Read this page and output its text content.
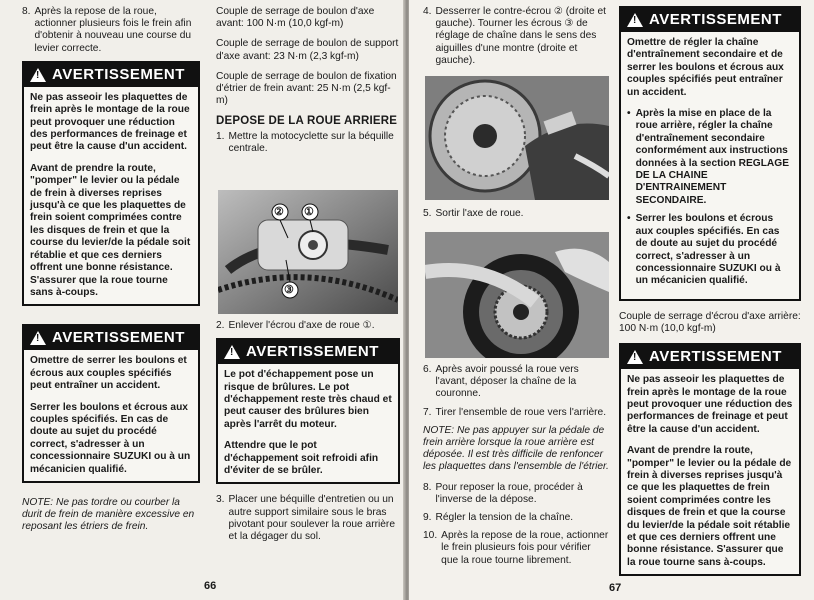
8. Après la repose de la roue, actionner plusieurs fois le frein afin d'obtenir à nouveau une course du levier correcte.
!
AVERTISSEMENT

Ne pas asseoir les plaquettes de frein après le montage de la roue peut provoquer une réduction des performances de freinage et peut être la cause d'un accident.

Avant de prendre la route, "pomper" le levier ou la pédale de frein à diverses reprises jusqu'à ce que les plaquettes de frein soient comprimées contre les disques de frein et que la course du levier/de la pédale soit rétablie et que ces derniers offrent une bonne résistance. S'assurer que la roue tourne sans à-coups.

!
AVERTISSEMENT

Omettre de serrer les boulons et écrous aux couples spécifiés peut entraîner un accident.

Serrer les boulons et écrous aux couples spécifiés. En cas de doute au sujet du procédé correct, s'adresser à un concessionnaire SUZUKI ou à un mécanicien qualifié.

NOTE: Ne pas tordre ou courber la durit de frein de manière excessive en reposant les étriers de frein.

Couple de serrage de boulon d'axe avant: 100 N·m (10,0 kgf-m)

Couple de serrage de boulon de support d'axe avant: 23 N·m (2,3 kgf-m)

Couple de serrage de boulon de fixation d'étrier de frein avant: 25 N·m (2,5 kgf-m)

DEPOSE DE LA ROUE ARRIERE
1. Mettre la motocyclette sur la béquille centrale.
② ①
③
2. Enlever l'écrou d'axe de roue ①.
!
AVERTISSEMENT

Le pot d'échappement pose un risque de brûlures. Le pot d'échappement reste très chaud et peut causer des brûlures bien après l'arrêt du moteur.

Attendre que le pot d'échappement soit refroidi afin d'éviter de se brûler.

3. Placer une béquille d'entretien ou un autre support similaire sous le bras pivotant pour soulever la roue arrière et la dégager du sol.
66
4. Desserrer le contre-écrou ② (droite et gauche). Tourner les écrous ③ de réglage de chaîne dans le sens des aiguilles d'une montre (droite et gauche).
5. Sortir l'axe de roue.
6. Après avoir poussé la roue vers l'avant, déposer la chaîne de la couronne.
7. Tirer l'ensemble de roue vers l'arrière.

NOTE: Ne pas appuyer sur la pédale de frein arrière lorsque la roue arrière est déposée. Il est très difficile de renfoncer les plaquettes dans l'ensemble de l'étrier.

8. Pour reposer la roue, procéder à l'inverse de la dépose.
9. Régler la tension de la chaîne.
10. Après la repose de la roue, actionner le frein plusieurs fois pour vérifier que la roue tourne librement.
!
AVERTISSEMENT

Omettre de régler la chaîne d'entraînement secondaire et de serrer les boulons et écrous aux couples spécifiés peut entraîner un accident.

• Après la mise en place de la roue arrière, régler la chaîne d'entraînement secondaire conformément aux instructions données à la section REGLAGE DE LA CHAINE D'ENTRAINEMENT SECONDAIRE.
• Serrer les boulons et écrous aux couples spécifiés. En cas de doute au sujet du procédé correct, s'adresser à un concessionnaire SUZUKI ou à un mécanicien qualifié.

Couple de serrage d'écrou d'axe arrière: 100 N·m (10,0 kgf-m)

!
AVERTISSEMENT

Ne pas asseoir les plaquettes de frein après le montage de la roue peut provoquer une réduction des performances de freinage et peut être la cause d'un accident.

Avant de prendre la route, "pomper" le levier ou la pédale de frein à diverses reprises jusqu'à ce que les plaquettes de frein soient comprimées contre les disques de frein et que la course du levier/de la pédale soit rétablie et que ces derniers offrent une bonne résistance. S'assurer que la roue tourne sans à-coups.

67
